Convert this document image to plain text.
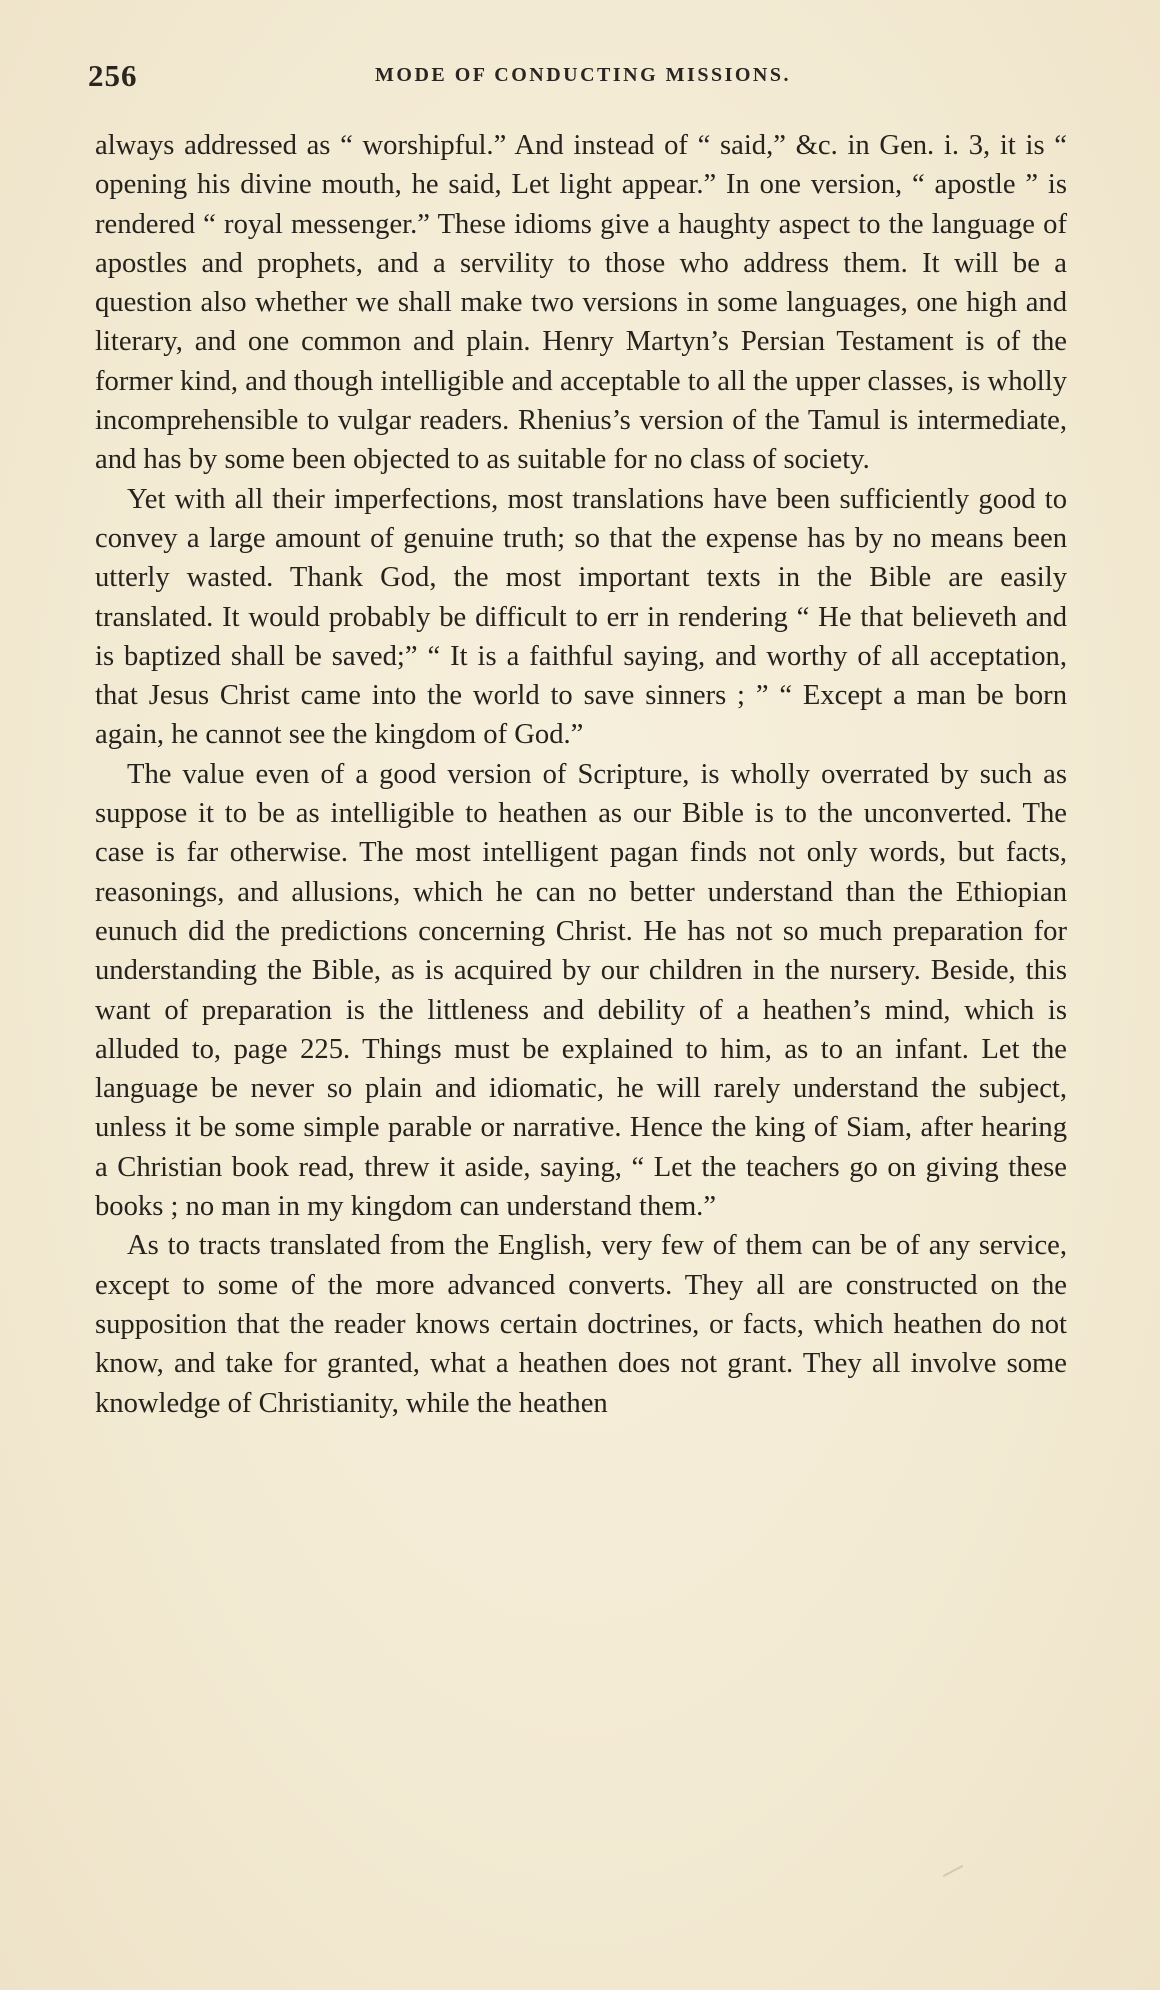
256	MODE OF CONDUCTING MISSIONS.

always addressed as “ worshipful.” And instead of “ said,” &c. in Gen. i. 3, it is “ opening his divine mouth, he said, Let light appear.” In one version, “ apostle ” is rendered “ royal messenger.” These idioms give a haughty aspect to the language of apostles and prophets, and a servility to those who address them. It will be a question also whether we shall make two versions in some languages, one high and literary, and one common and plain. Henry Martyn’s Persian Testament is of the former kind, and though intelligible and acceptable to all the upper classes, is wholly incomprehensible to vulgar readers. Rhenius’s version of the Tamul is intermediate, and has by some been objected to as suitable for no class of society.

Yet with all their imperfections, most translations have been sufficiently good to convey a large amount of genuine truth; so that the expense has by no means been utterly wasted. Thank God, the most important texts in the Bible are easily translated. It would probably be difficult to err in rendering “ He that believeth and is baptized shall be saved;” “ It is a faithful saying, and worthy of all acceptation, that Jesus Christ came into the world to save sinners ; ” “ Except a man be born again, he cannot see the kingdom of God.”

The value even of a good version of Scripture, is wholly overrated by such as suppose it to be as intelligible to heathen as our Bible is to the unconverted. The case is far otherwise. The most intelligent pagan finds not only words, but facts, reasonings, and allusions, which he can no better understand than the Ethiopian eunuch did the predictions concerning Christ. He has not so much preparation for understanding the Bible, as is acquired by our children in the nursery. Beside, this want of preparation is the littleness and debility of a heathen’s mind, which is alluded to, page 225. Things must be explained to him, as to an infant. Let the language be never so plain and idiomatic, he will rarely understand the subject, unless it be some simple parable or narrative. Hence the king of Siam, after hearing a Christian book read, threw it aside, saying, “ Let the teachers go on giving these books ; no man in my kingdom can understand them.”

As to tracts translated from the English, very few of them can be of any service, except to some of the more advanced converts. They all are constructed on the supposition that the reader knows certain doctrines, or facts, which heathen do not know, and take for granted, what a heathen does not grant. They all involve some knowledge of Christianity, while the heathen
